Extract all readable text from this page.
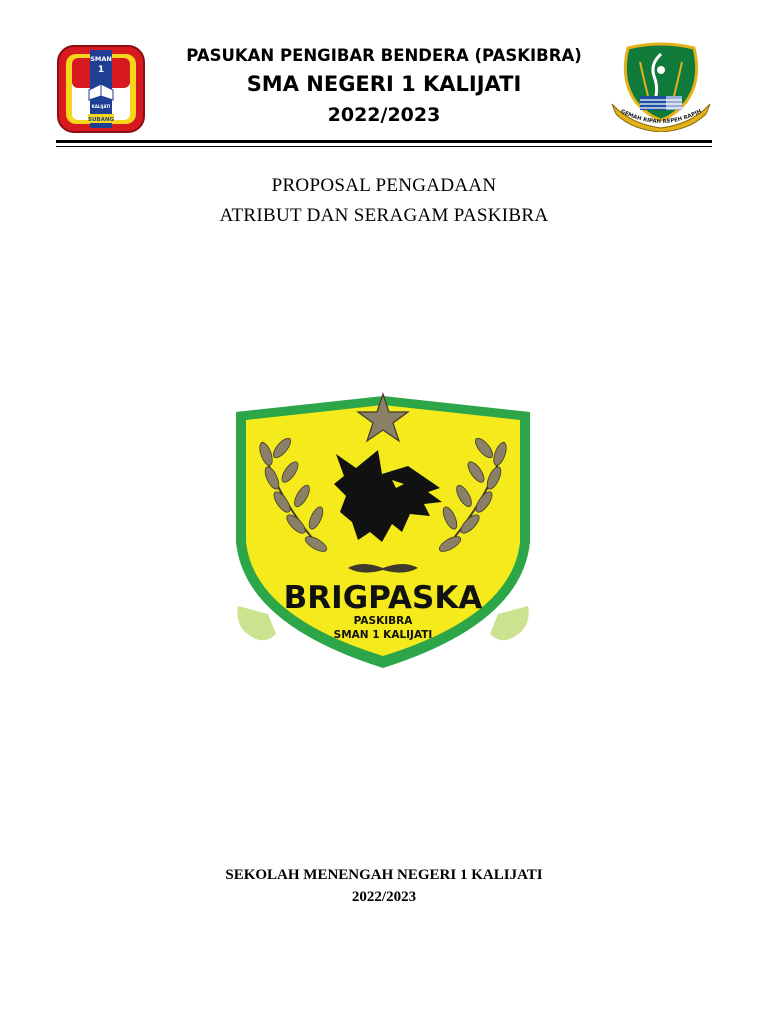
SMAN
1
KALIJATI
SUBANG
PASUKAN PENGIBAR BENDERA (PASKIBRA)
SMA NEGERI 1 KALIJATI
2022/2023	GEMAH RIPAH REPEH RAPIH
PROPOSAL PENGADAAN
ATRIBUT DAN SERAGAM PASKIBRA
BRIGPASKA
PASKIBRA
SMAN 1 KALIJATI
SEKOLAH MENENGAH NEGERI 1 KALIJATI
2022/2023
